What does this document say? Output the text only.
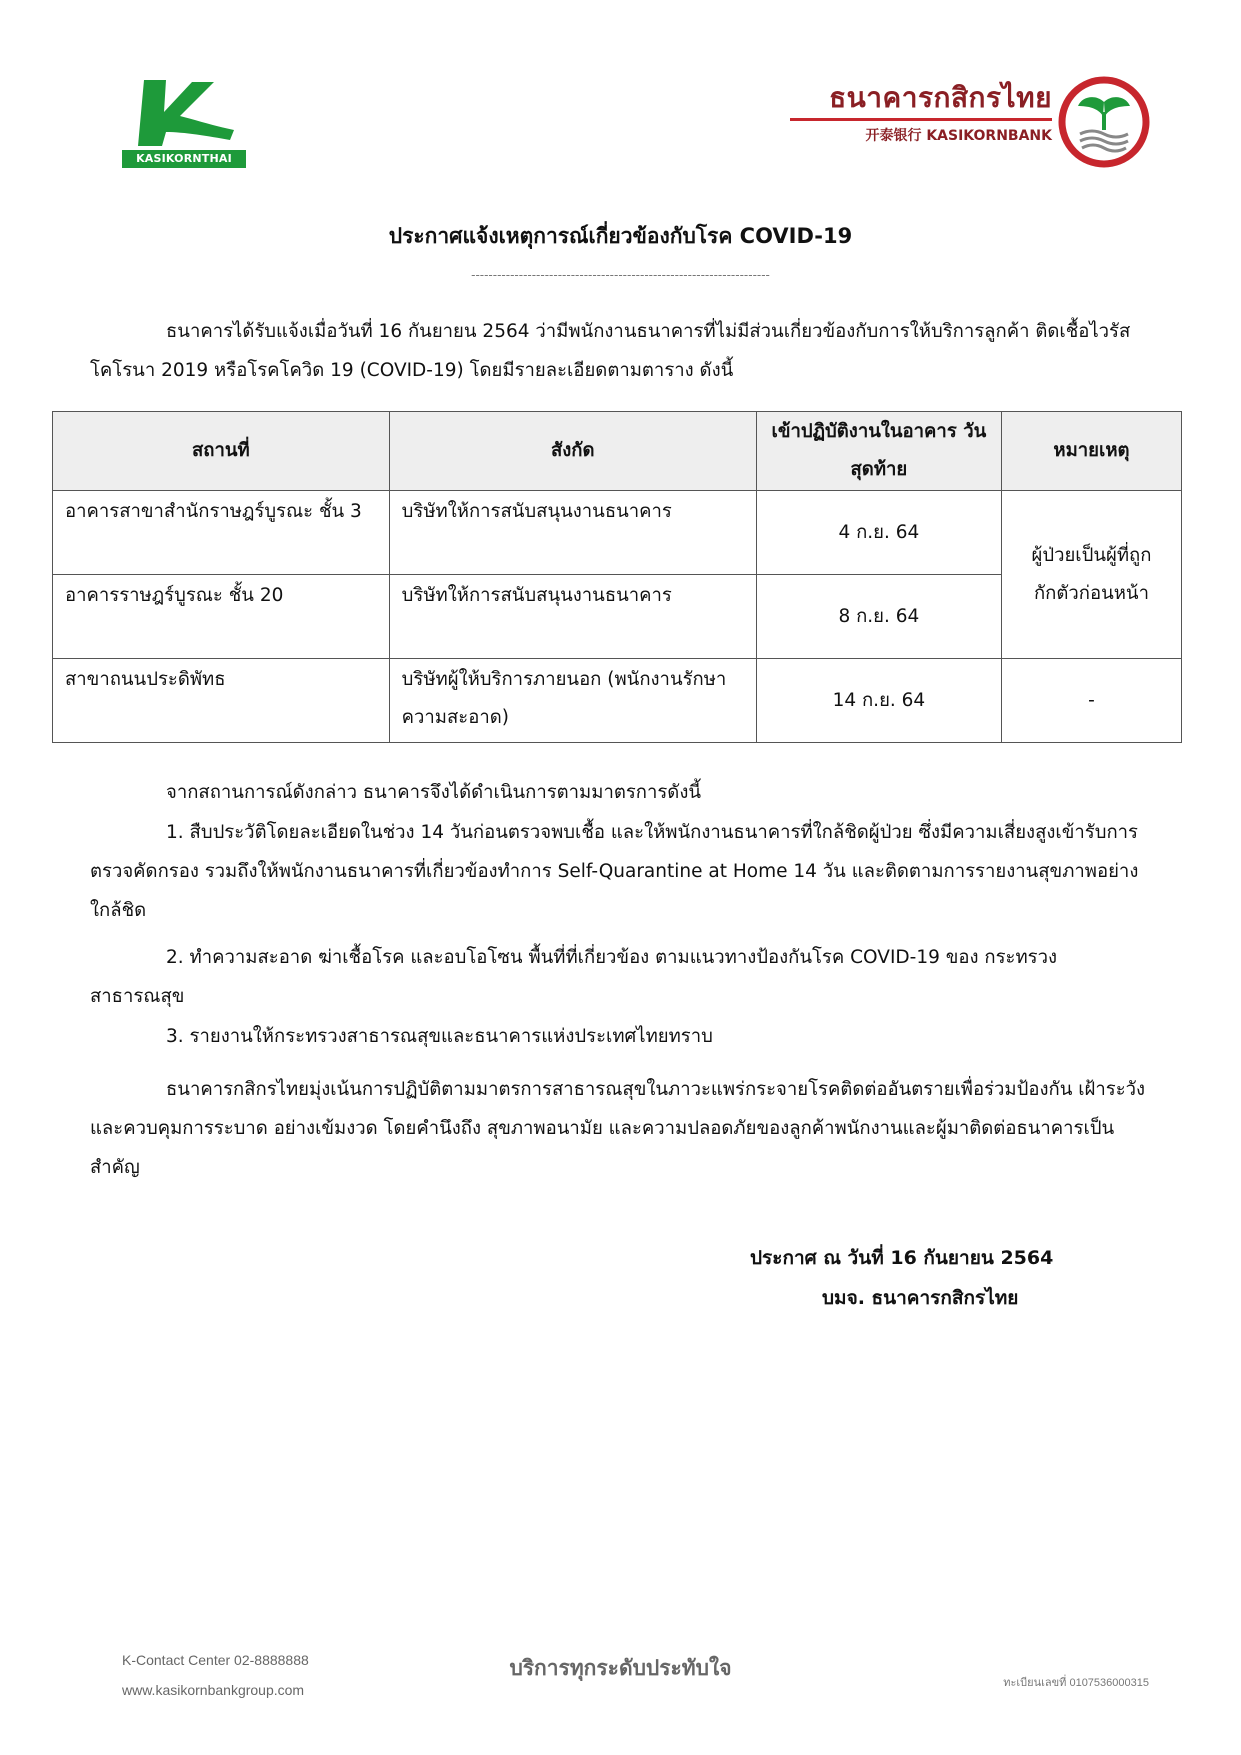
KASIKORNTHAI
ธนาคารกสิกรไทย
开泰银行 KASIKORNBANK
ประกาศแจ้งเหตุการณ์เกี่ยวข้องกับโรค COVID-19
---------------------------------------------------------------------
ธนาคารได้รับแจ้งเมื่อวันที่ 16 กันยายน 2564 ว่ามีพนักงานธนาคารที่ไม่มีส่วนเกี่ยวข้องกับการให้บริการลูกค้า ติดเชื้อไวรัสโคโรนา 2019 หรือโรคโควิด 19 (COVID-19) โดยมีรายละเอียดตามตาราง ดังนี้
สถานที่	สังกัด	เข้าปฏิบัติงานในอาคาร วันสุดท้าย	หมายเหตุ
อาคารสาขาสำนักราษฎร์บูรณะ ชั้น 3	บริษัทให้การสนับสนุนงานธนาคาร	4 ก.ย. 64	ผู้ป่วยเป็นผู้ที่ถูกกักตัวก่อนหน้า
อาคารราษฎร์บูรณะ ชั้น 20	บริษัทให้การสนับสนุนงานธนาคาร	8 ก.ย. 64	
สาขาถนนประดิพัทธ	บริษัทผู้ให้บริการภายนอก (พนักงานรักษาความสะอาด)	14 ก.ย. 64	-
จากสถานการณ์ดังกล่าว ธนาคารจึงได้ดำเนินการตามมาตรการดังนี้
1. สืบประวัติโดยละเอียดในช่วง 14 วันก่อนตรวจพบเชื้อ และให้พนักงานธนาคารที่ใกล้ชิดผู้ป่วย ซึ่งมีความเสี่ยงสูงเข้ารับการตรวจคัดกรอง รวมถึงให้พนักงานธนาคารที่เกี่ยวข้องทำการ Self-Quarantine at Home 14 วัน และติดตามการรายงานสุขภาพอย่างใกล้ชิด
2. ทำความสะอาด ฆ่าเชื้อโรค และอบโอโซน พื้นที่ที่เกี่ยวข้อง ตามแนวทางป้องกันโรค COVID-19 ของ กระทรวงสาธารณสุข
3. รายงานให้กระทรวงสาธารณสุขและธนาคารแห่งประเทศไทยทราบ
ธนาคารกสิกรไทยมุ่งเน้นการปฏิบัติตามมาตรการสาธารณสุขในภาวะแพร่กระจายโรคติดต่ออันตรายเพื่อร่วมป้องกัน เฝ้าระวัง และควบคุมการระบาด อย่างเข้มงวด โดยคำนึงถึง สุขภาพอนามัย และความปลอดภัยของลูกค้าพนักงานและผู้มาติดต่อธนาคารเป็นสำคัญ
ประกาศ ณ วันที่ 16 กันยายน 2564
บมจ. ธนาคารกสิกรไทย
K-Contact Center 02-8888888
www.kasikornbankgroup.com
บริการทุกระดับประทับใจ
ทะเบียนเลขที่ 0107536000315
